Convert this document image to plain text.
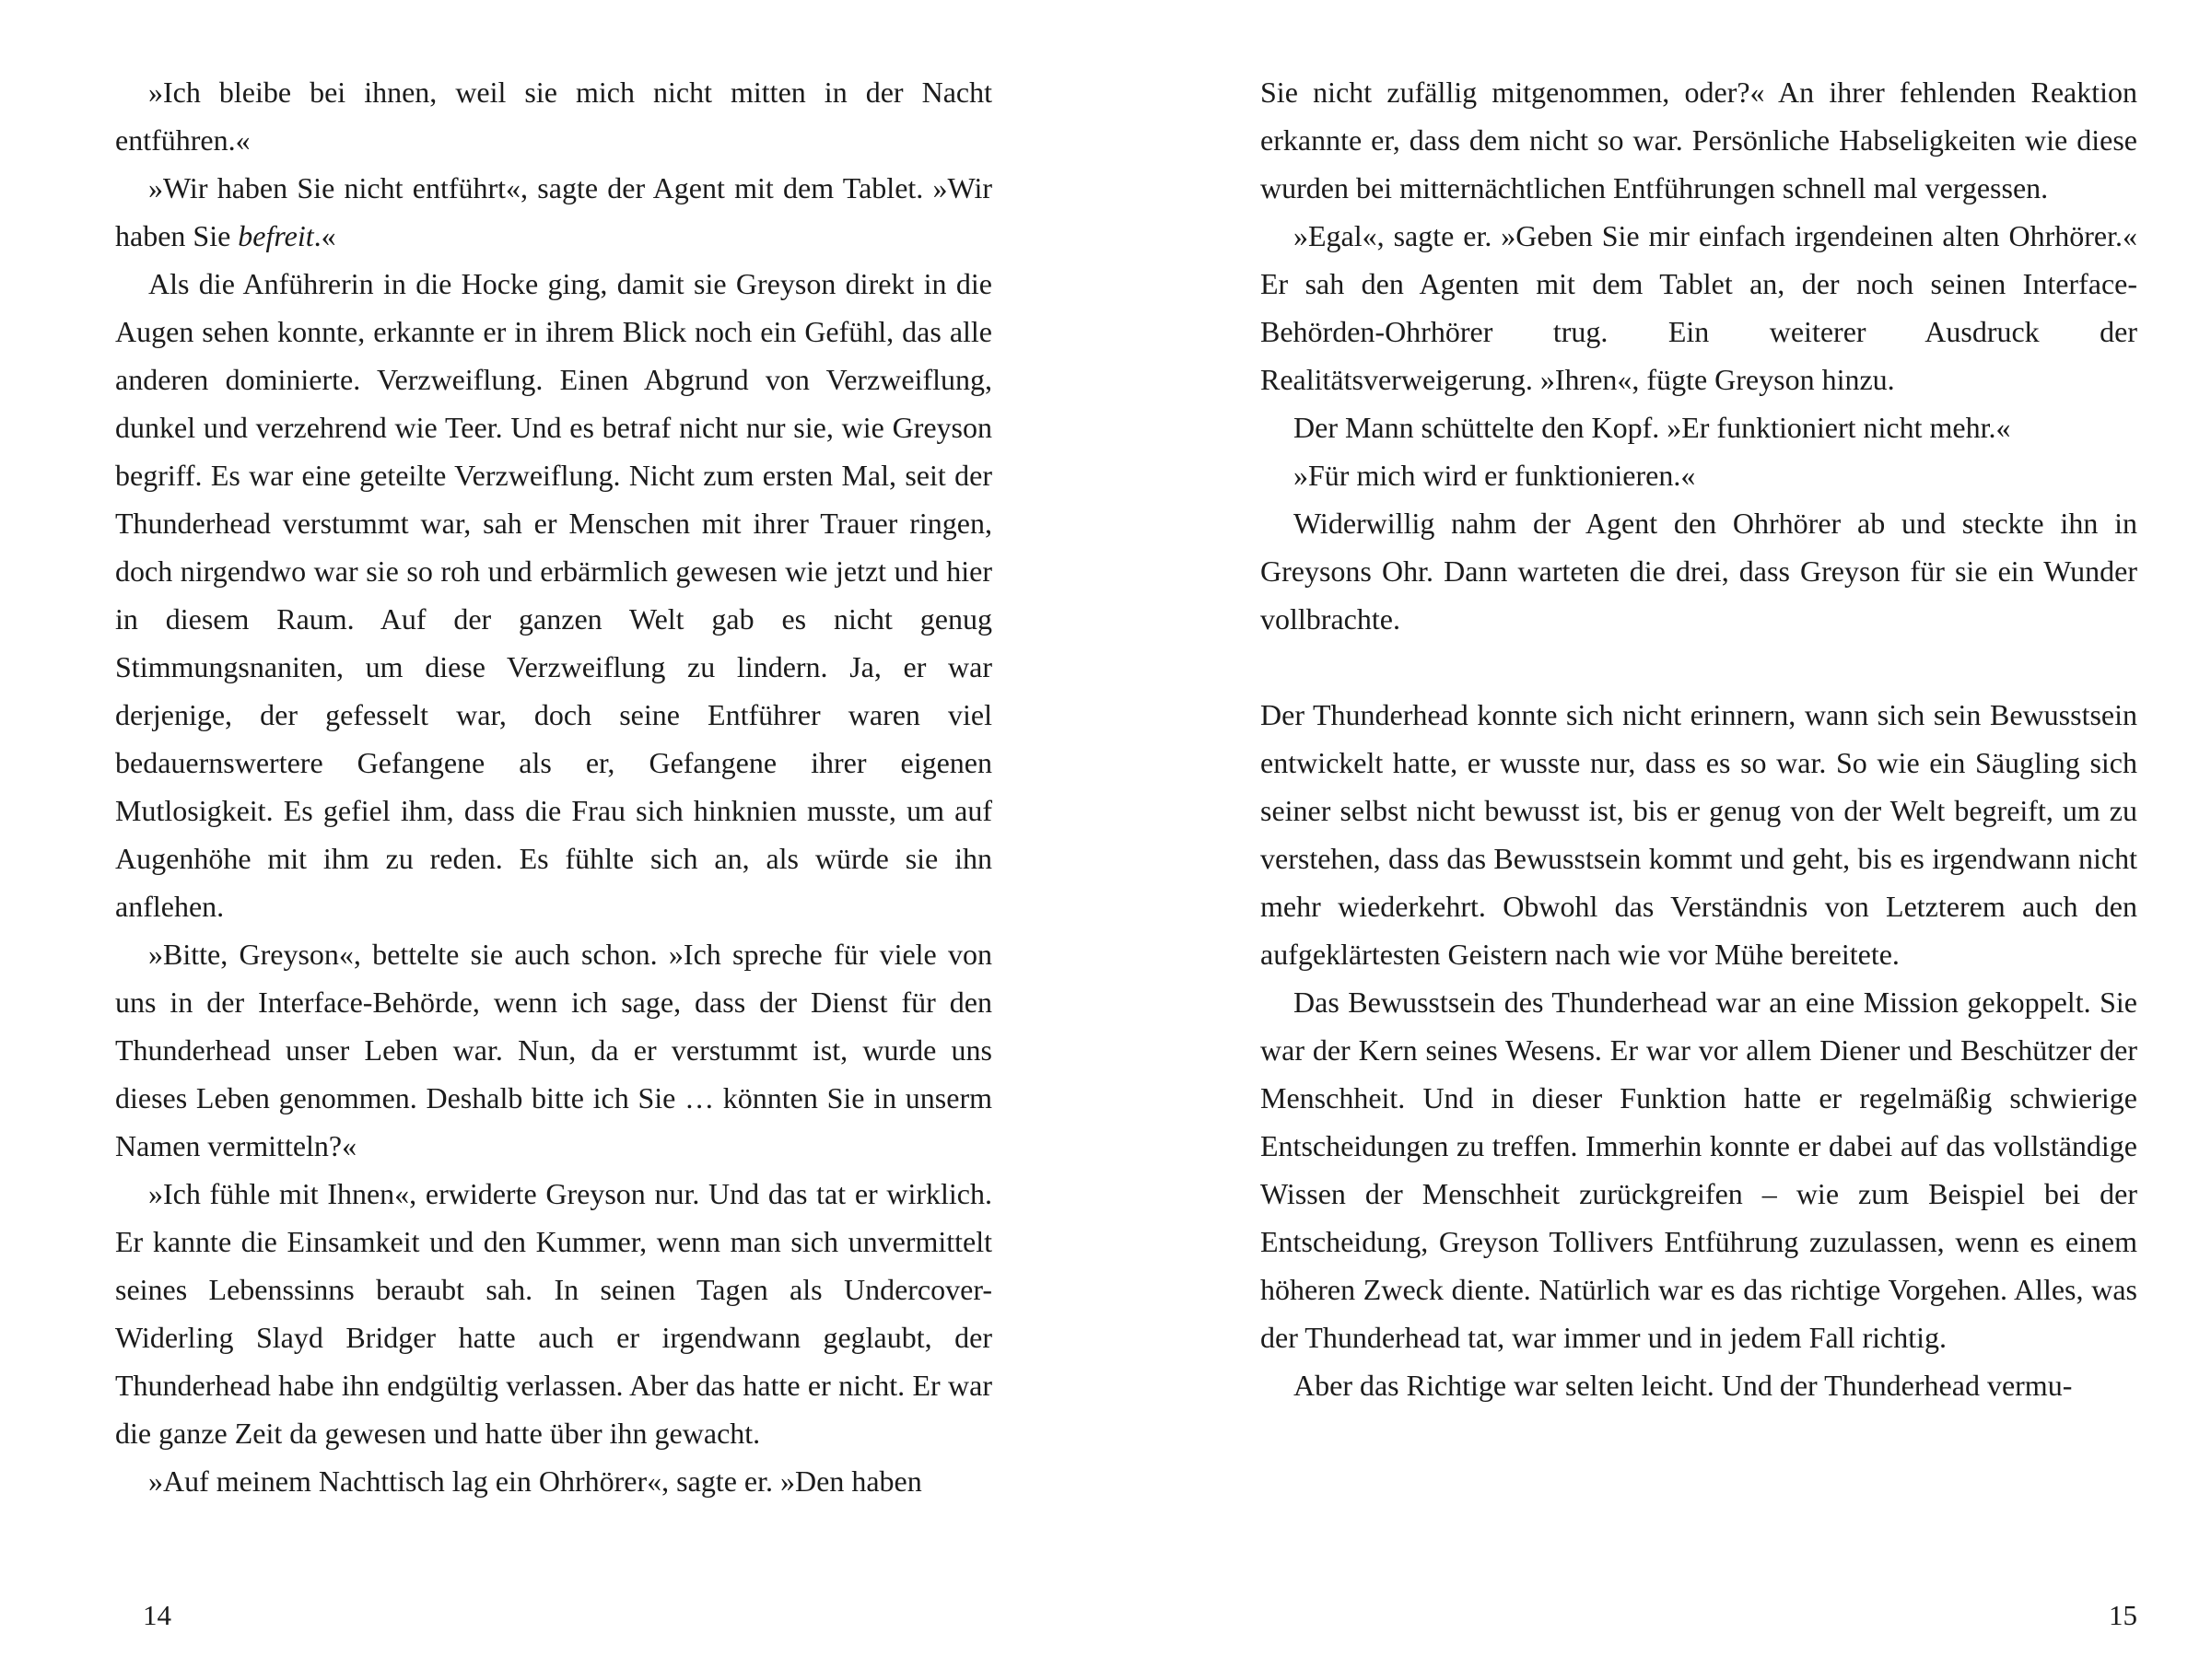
»Ich bleibe bei ihnen, weil sie mich nicht mitten in der Nacht entführen.«

»Wir haben Sie nicht entführt«, sagte der Agent mit dem Tablet. »Wir haben Sie befreit.«

Als die Anführerin in die Hocke ging, damit sie Greyson direkt in die Augen sehen konnte, erkannte er in ihrem Blick noch ein Gefühl, das alle anderen dominierte. Verzweiflung. Einen Abgrund von Verzweiflung, dunkel und verzehrend wie Teer. Und es betraf nicht nur sie, wie Greyson begriff. Es war eine geteilte Verzweiflung. Nicht zum ersten Mal, seit der Thunderhead verstummt war, sah er Menschen mit ihrer Trauer ringen, doch nirgendwo war sie so roh und erbärmlich gewesen wie jetzt und hier in diesem Raum. Auf der ganzen Welt gab es nicht genug Stimmungsnaniten, um diese Verzweiflung zu lindern. Ja, er war derjenige, der gefesselt war, doch seine Entführer waren viel bedauernswertere Gefangene als er, Gefangene ihrer eigenen Mutlosigkeit. Es gefiel ihm, dass die Frau sich hinknien musste, um auf Augenhöhe mit ihm zu reden. Es fühlte sich an, als würde sie ihn anflehen.

»Bitte, Greyson«, bettelte sie auch schon. »Ich spreche für viele von uns in der Interface-Behörde, wenn ich sage, dass der Dienst für den Thunderhead unser Leben war. Nun, da er verstummt ist, wurde uns dieses Leben genommen. Deshalb bitte ich Sie … könnten Sie in unserm Namen vermitteln?«

»Ich fühle mit Ihnen«, erwiderte Greyson nur. Und das tat er wirklich. Er kannte die Einsamkeit und den Kummer, wenn man sich unvermittelt seines Lebenssinns beraubt sah. In seinen Tagen als Undercover-Widerling Slayd Bridger hatte auch er irgendwann geglaubt, der Thunderhead habe ihn endgültig verlassen. Aber das hatte er nicht. Er war die ganze Zeit da gewesen und hatte über ihn gewacht.

»Auf meinem Nachttisch lag ein Ohrhörer«, sagte er. »Den haben

Sie nicht zufällig mitgenommen, oder?« An ihrer fehlenden Reaktion erkannte er, dass dem nicht so war. Persönliche Habseligkeiten wie diese wurden bei mitternächtlichen Entführungen schnell mal vergessen.

»Egal«, sagte er. »Geben Sie mir einfach irgendeinen alten Ohrhörer.« Er sah den Agenten mit dem Tablet an, der noch seinen Interface-Behörden-Ohrhörer trug. Ein weiterer Ausdruck der Realitätsverweigerung. »Ihren«, fügte Greyson hinzu.

Der Mann schüttelte den Kopf. »Er funktioniert nicht mehr.«

»Für mich wird er funktionieren.«

Widerwillig nahm der Agent den Ohrhörer ab und steckte ihn in Greysons Ohr. Dann warteten die drei, dass Greyson für sie ein Wunder vollbrachte.

Der Thunderhead konnte sich nicht erinnern, wann sich sein Bewusstsein entwickelt hatte, er wusste nur, dass es so war. So wie ein Säugling sich seiner selbst nicht bewusst ist, bis er genug von der Welt begreift, um zu verstehen, dass das Bewusstsein kommt und geht, bis es irgendwann nicht mehr wiederkehrt. Obwohl das Verständnis von Letzterem auch den aufgeklärtesten Geistern nach wie vor Mühe bereitete.

Das Bewusstsein des Thunderhead war an eine Mission gekoppelt. Sie war der Kern seines Wesens. Er war vor allem Diener und Beschützer der Menschheit. Und in dieser Funktion hatte er regelmäßig schwierige Entscheidungen zu treffen. Immerhin konnte er dabei auf das vollständige Wissen der Menschheit zurückgreifen – wie zum Beispiel bei der Entscheidung, Greyson Tollivers Entführung zuzulassen, wenn es einem höheren Zweck diente. Natürlich war es das richtige Vorgehen. Alles, was der Thunderhead tat, war immer und in jedem Fall richtig.

Aber das Richtige war selten leicht. Und der Thunderhead vermu-

14	15
